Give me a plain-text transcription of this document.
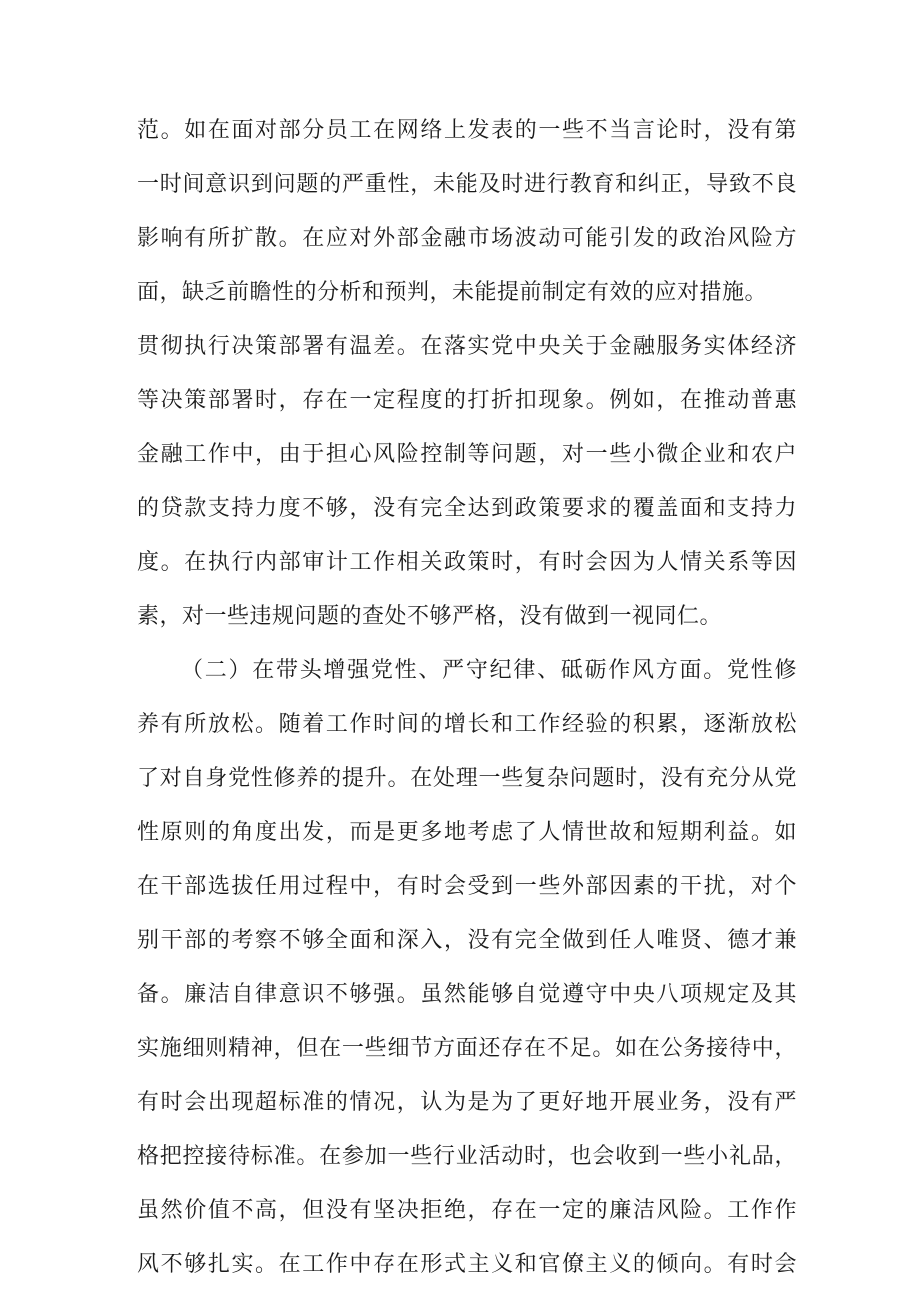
范。如在面对部分员工在网络上发表的一些不当言论时，没有第
一时间意识到问题的严重性，未能及时进行教育和纠正，导致不良
影响有所扩散。在应对外部金融市场波动可能引发的政治风险方
面，缺乏前瞻性的分析和预判，未能提前制定有效的应对措施。
贯彻执行决策部署有温差。在落实党中央关于金融服务实体经济
等决策部署时，存在一定程度的打折扣现象。例如，在推动普惠
金融工作中，由于担心风险控制等问题，对一些小微企业和农户
的贷款支持力度不够，没有完全达到政策要求的覆盖面和支持力
度。在执行内部审计工作相关政策时，有时会因为人情关系等因
素，对一些违规问题的查处不够严格，没有做到一视同仁。
（二）在带头增强党性、严守纪律、砥砺作风方面。党性修
养有所放松。随着工作时间的增长和工作经验的积累，逐渐放松
了对自身党性修养的提升。在处理一些复杂问题时，没有充分从党
性原则的角度出发，而是更多地考虑了人情世故和短期利益。如
在干部选拔任用过程中，有时会受到一些外部因素的干扰，对个
别干部的考察不够全面和深入，没有完全做到任人唯贤、德才兼
备。廉洁自律意识不够强。虽然能够自觉遵守中央八项规定及其
实施细则精神，但在一些细节方面还存在不足。如在公务接待中，
有时会出现超标准的情况，认为是为了更好地开展业务，没有严
格把控接待标准。在参加一些行业活动时，也会收到一些小礼品，
虽然价值不高，但没有坚决拒绝，存在一定的廉洁风险。工作作
风不够扎实。在工作中存在形式主义和官僚主义的倾向。有时会
